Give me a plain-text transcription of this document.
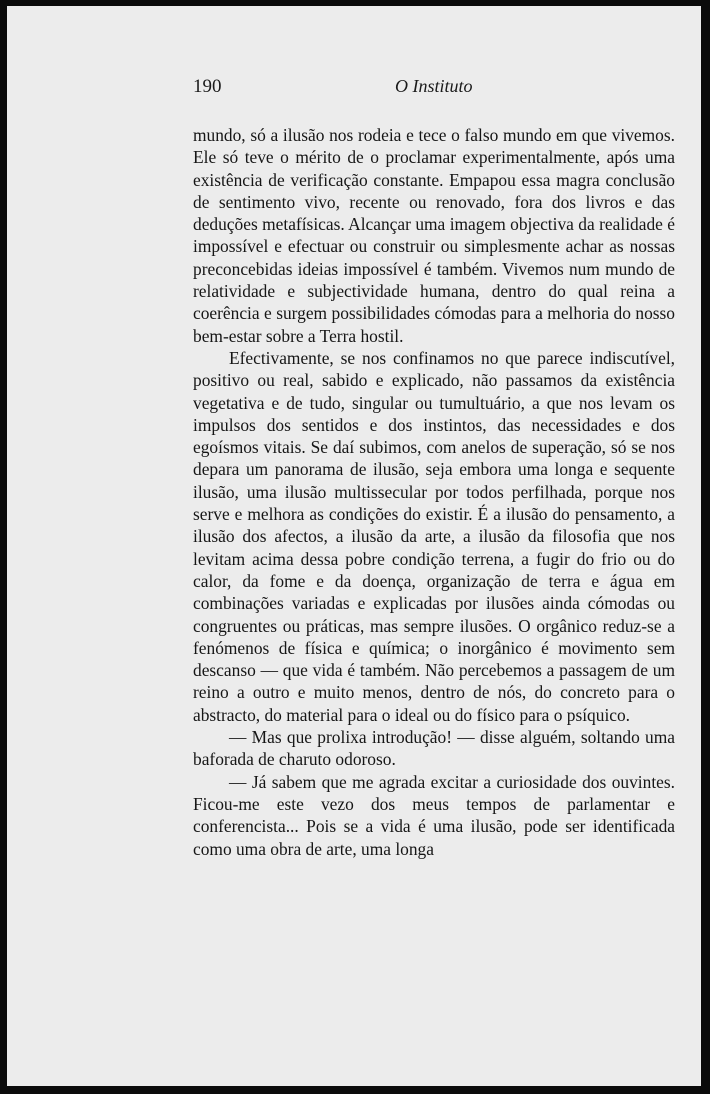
190	O Instituto

mundo, só a ilusão nos rodeia e tece o falso mundo em que vivemos. Ele só teve o mérito de o proclamar experimentalmente, após uma existência de verificação constante. Empapou essa magra conclusão de sentimento vivo, recente ou renovado, fora dos livros e das deduções metafísicas. Alcançar uma imagem objectiva da realidade é impossível e efectuar ou construir ou simplesmente achar as nossas preconcebidas ideias impossível é também. Vivemos num mundo de relatividade e subjectividade humana, dentro do qual reina a coerência e surgem possibilidades cómodas para a melhoria do nosso bem-estar sobre a Terra hostil.

Efectivamente, se nos confinamos no que parece indiscutível, positivo ou real, sabido e explicado, não passamos da existência vegetativa e de tudo, singular ou tumultuário, a que nos levam os impulsos dos sentidos e dos instintos, das necessidades e dos egoísmos vitais. Se daí subimos, com anelos de superação, só se nos depara um panorama de ilusão, seja embora uma longa e sequente ilusão, uma ilusão multissecular por todos perfilhada, porque nos serve e melhora as condições do existir. É a ilusão do pensamento, a ilusão dos afectos, a ilusão da arte, a ilusão da filosofia que nos levitam acima dessa pobre condição terrena, a fugir do frio ou do calor, da fome e da doença, organização de terra e água em combinações variadas e explicadas por ilusões ainda cómodas ou congruentes ou práticas, mas sempre ilusões. O orgânico reduz-se a fenómenos de física e química; o inorgânico é movimento sem descanso — que vida é também. Não percebemos a passagem de um reino a outro e muito menos, dentro de nós, do concreto para o abstracto, do material para o ideal ou do físico para o psíquico.

— Mas que prolixa introdução! — disse alguém, soltando uma baforada de charuto odoroso.

— Já sabem que me agrada excitar a curiosidade dos ouvintes. Ficou-me este vezo dos meus tempos de parlamentar e conferencista... Pois se a vida é uma ilusão, pode ser identificada como uma obra de arte, uma longa
